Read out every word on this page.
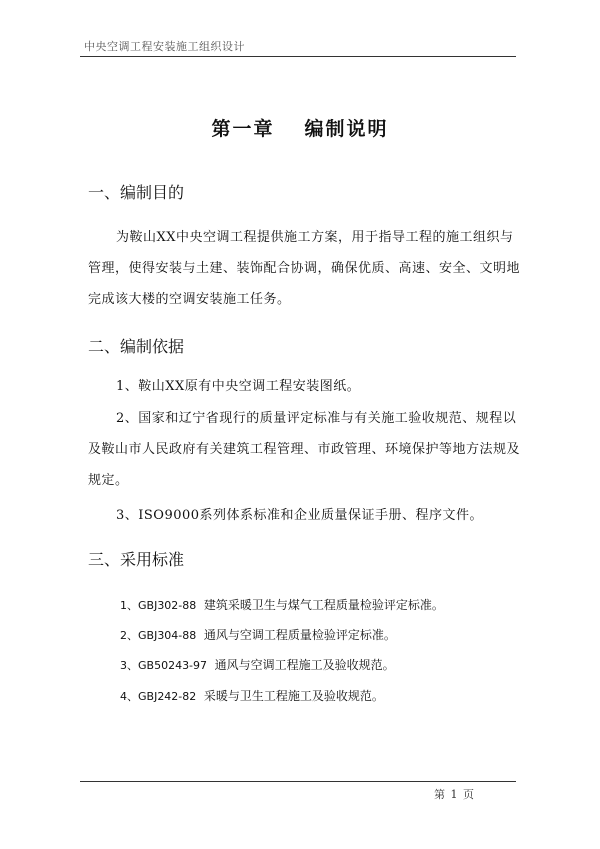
中央空调工程安装施工组织设计
第一章 编制说明
一、编制目的
为鞍山XX中央空调工程提供施工方案，用于指导工程的施工组织与管理，使得安装与土建、装饰配合协调，确保优质、高速、安全、文明地完成该大楼的空调安装施工任务。
二、编制依据
1、鞍山XX原有中央空调工程安装图纸。
2、国家和辽宁省现行的质量评定标准与有关施工验收规范、规程以及鞍山市人民政府有关建筑工程管理、市政管理、环境保护等地方法规及规定。
3、ISO9000系列体系标准和企业质量保证手册、程序文件。
三、采用标准
1、GBJ302-88 建筑采暖卫生与煤气工程质量检验评定标准。
2、GBJ304-88 通风与空调工程质量检验评定标准。
3、GB50243-97 通风与空调工程施工及验收规范。
4、GBJ242-82 采暖与卫生工程施工及验收规范。
第 1 页
